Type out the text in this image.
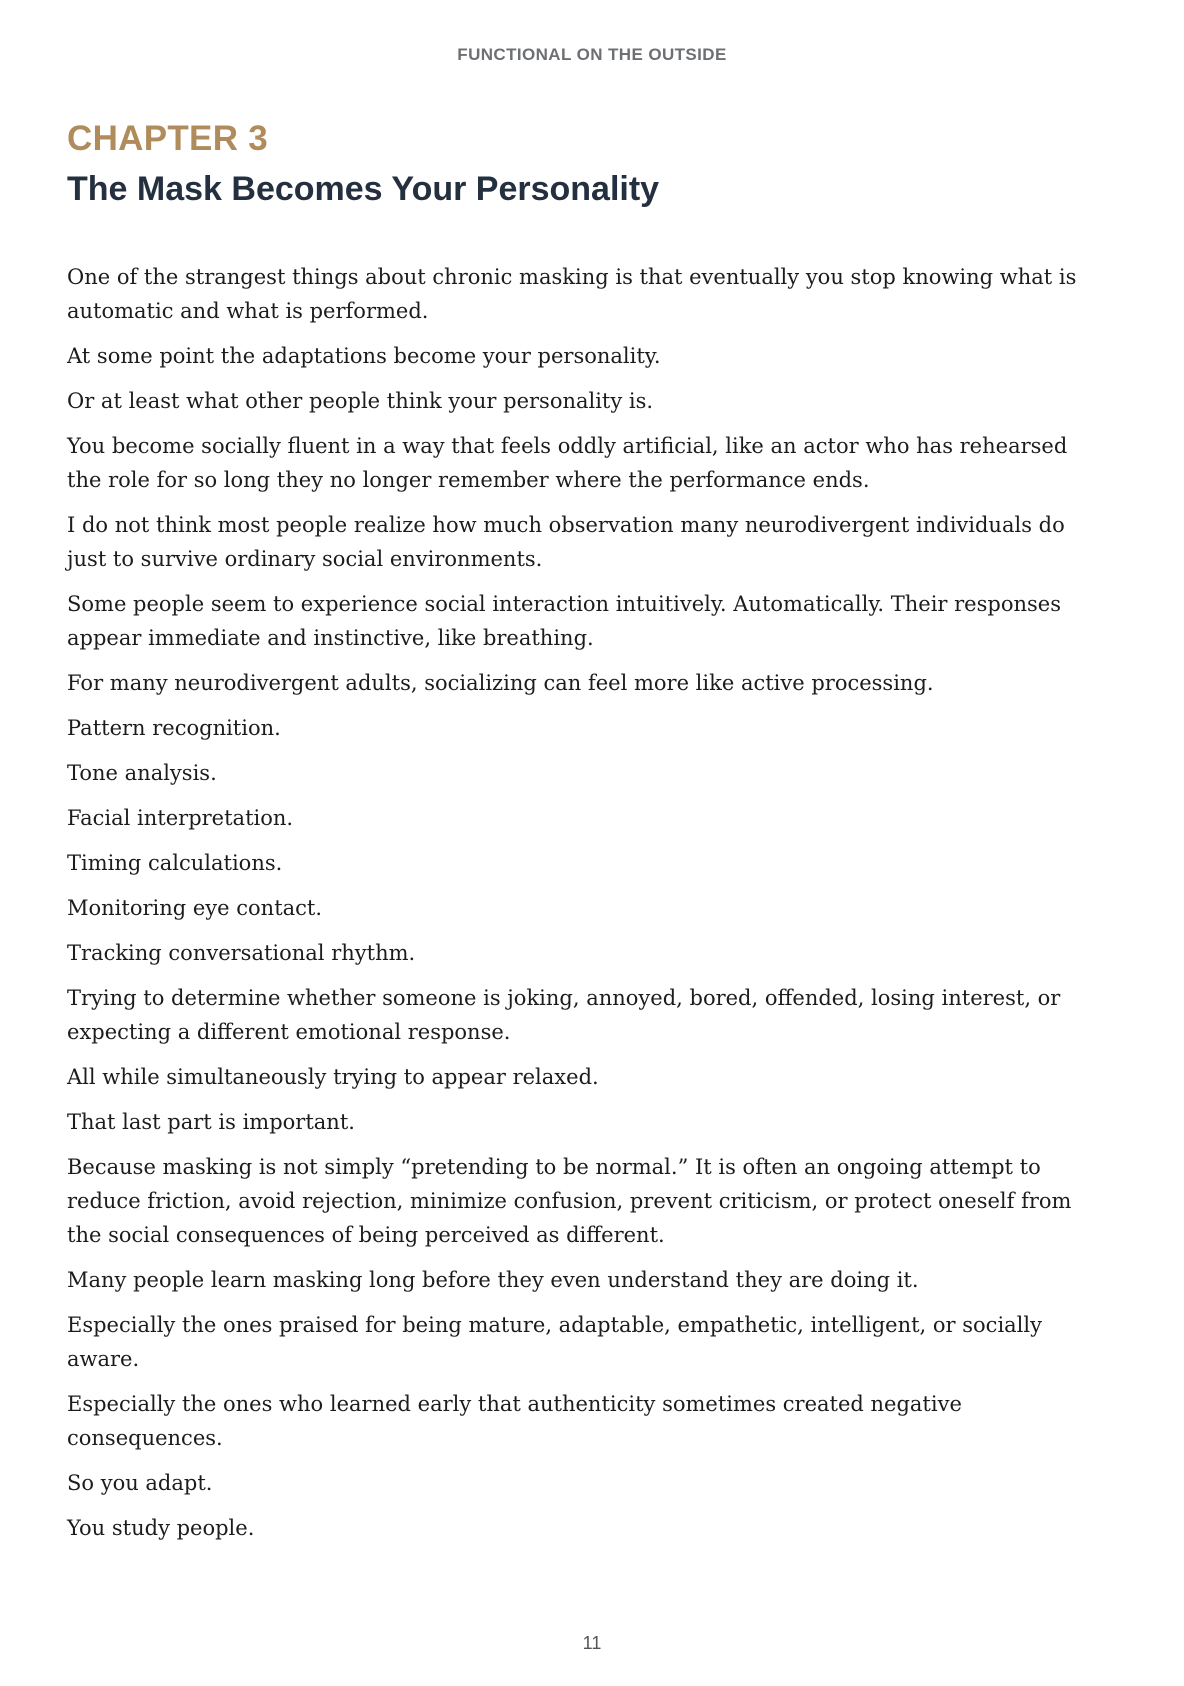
FUNCTIONAL ON THE OUTSIDE
CHAPTER 3
The Mask Becomes Your Personality

One of the strangest things about chronic masking is that eventually you stop knowing what is automatic and what is performed.

At some point the adaptations become your personality.

Or at least what other people think your personality is.

You become socially fluent in a way that feels oddly artificial, like an actor who has rehearsed the role for so long they no longer remember where the performance ends.

I do not think most people realize how much observation many neurodivergent individuals do just to survive ordinary social environments.

Some people seem to experience social interaction intuitively. Automatically. Their responses appear immediate and instinctive, like breathing.

For many neurodivergent adults, socializing can feel more like active processing.

Pattern recognition.

Tone analysis.

Facial interpretation.

Timing calculations.

Monitoring eye contact.

Tracking conversational rhythm.

Trying to determine whether someone is joking, annoyed, bored, offended, losing interest, or expecting a different emotional response.

All while simultaneously trying to appear relaxed.

That last part is important.

Because masking is not simply “pretending to be normal.” It is often an ongoing attempt to reduce friction, avoid rejection, minimize confusion, prevent criticism, or protect oneself from the social consequences of being perceived as different.

Many people learn masking long before they even understand they are doing it.

Especially the ones praised for being mature, adaptable, empathetic, intelligent, or socially aware.

Especially the ones who learned early that authenticity sometimes created negative consequences.

So you adapt.

You study people.

11
